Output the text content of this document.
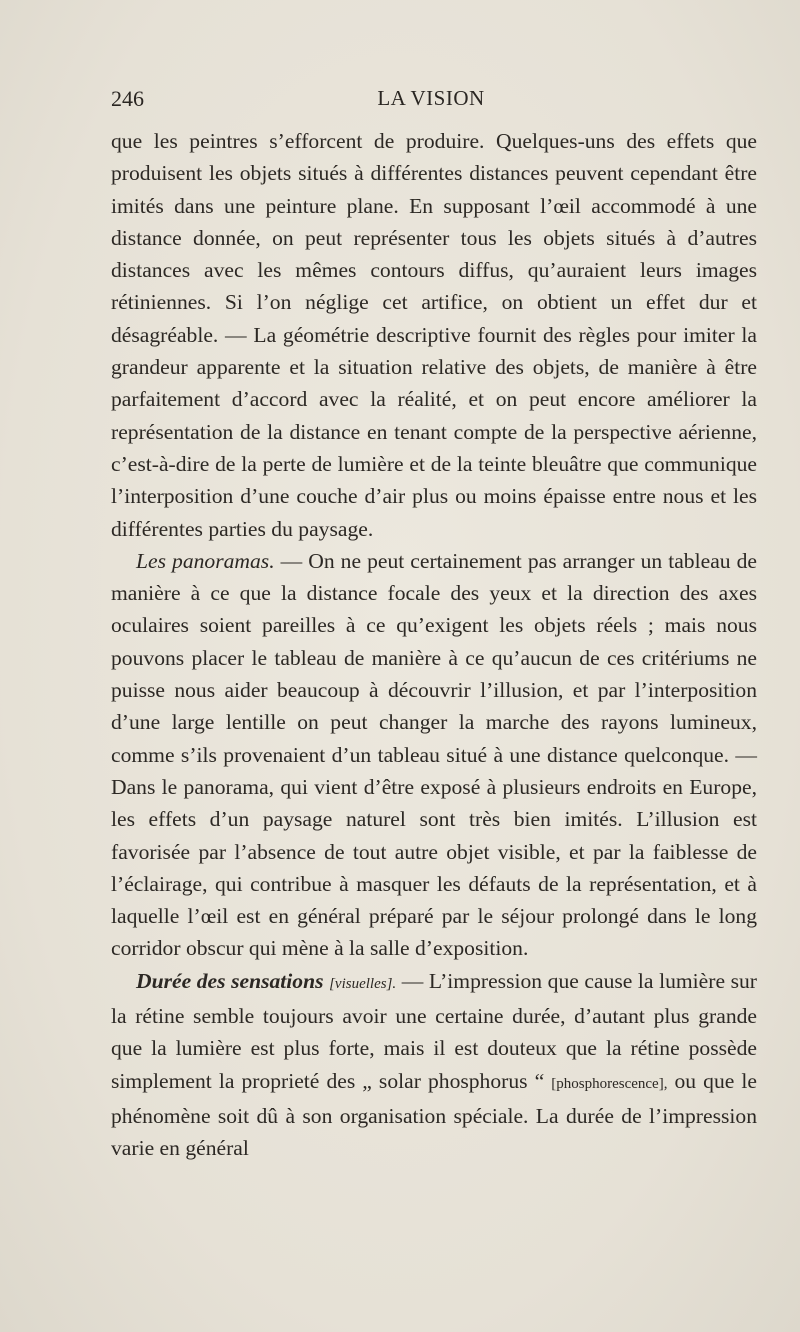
246	LA VISION

que les peintres s’efforcent de produire. Quelques-uns des effets que produisent les objets situés à différentes distances peuvent cependant être imités dans une peinture plane. En supposant l’œil accommodé à une distance donnée, on peut représenter tous les objets situés à d’autres distances avec les mêmes contours diffus, qu’auraient leurs images rétiniennes. Si l’on néglige cet artifice, on obtient un effet dur et désagréable. — La géométrie descriptive fournit des règles pour imiter la grandeur apparente et la situation relative des objets, de manière à être parfaitement d’accord avec la réalité, et on peut encore améliorer la représentation de la distance en tenant compte de la perspective aérienne, c’est-à-dire de la perte de lumière et de la teinte bleuâtre que communique l’interposition d’une couche d’air plus ou moins épaisse entre nous et les différentes parties du paysage.

Les panoramas. — On ne peut certainement pas arranger un tableau de manière à ce que la distance focale des yeux et la direction des axes oculaires soient pareilles à ce qu’exigent les objets réels ; mais nous pouvons placer le tableau de manière à ce qu’aucun de ces critériums ne puisse nous aider beaucoup à découvrir l’illusion, et par l’interposition d’une large lentille on peut changer la marche des rayons lumineux, comme s’ils provenaient d’un tableau situé à une distance quelconque. — Dans le panorama, qui vient d’être exposé à plusieurs endroits en Europe, les effets d’un paysage naturel sont très bien imités. L’illusion est favorisée par l’absence de tout autre objet visible, et par la faiblesse de l’éclairage, qui contribue à masquer les défauts de la représentation, et à laquelle l’œil est en général préparé par le séjour prolongé dans le long corridor obscur qui mène à la salle d’exposition.

Durée des sensations [visuelles]. — L’impression que cause la lumière sur la rétine semble toujours avoir une certaine durée, d’autant plus grande que la lumière est plus forte, mais il est douteux que la rétine possède simplement la proprieté des „ solar phosphorus “ [phosphorescence], ou que le phénomène soit dû à son organisation spéciale. La durée de l’impression varie en général
